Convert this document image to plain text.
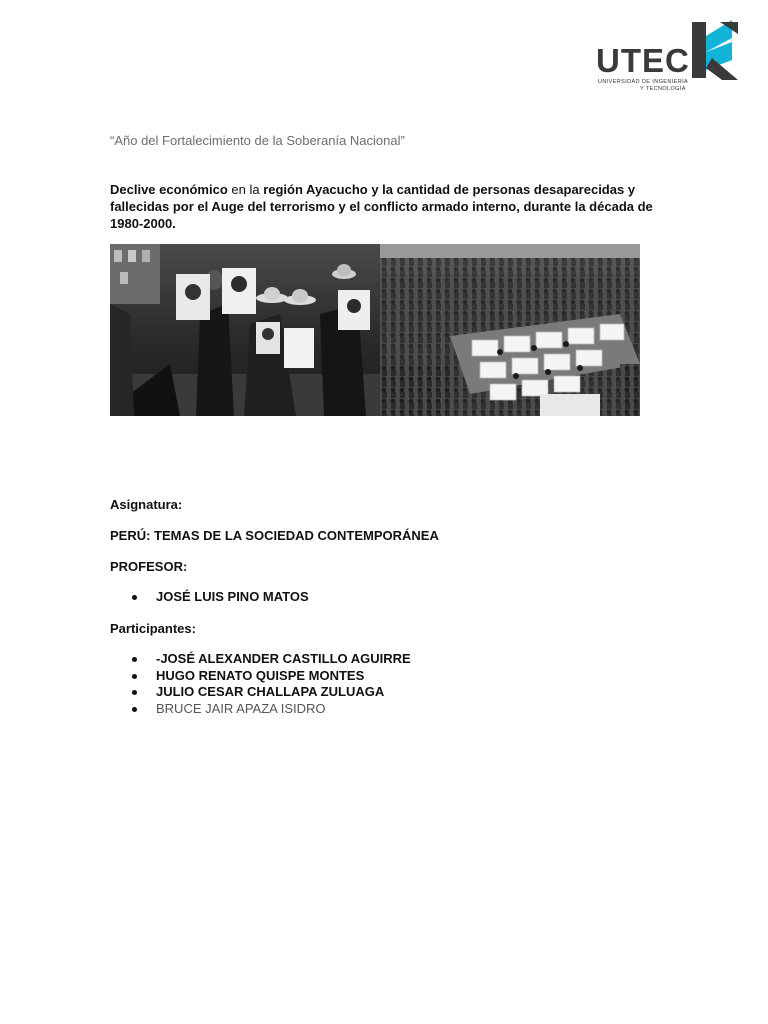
UTEC
UNIVERSIDAD DE INGENIERÍA
Y TECNOLOGÍA
“Año del Fortalecimiento de la Soberanía Nacional”
Declive económico en la región Ayacucho y la cantidad de personas desaparecidas y fallecidas por el Auge del terrorismo y el conflicto armado interno, durante la década de 1980-2000.
Asignatura:
PERÚ: TEMAS DE LA SOCIEDAD CONTEMPORÁNEA
PROFESOR:
JOSÉ LUIS PINO MATOS
Participantes:
-JOSÉ ALEXANDER CASTILLO AGUIRRE
HUGO RENATO QUISPE MONTES
JULIO CESAR CHALLAPA ZULUAGA
BRUCE JAIR APAZA ISIDRO
